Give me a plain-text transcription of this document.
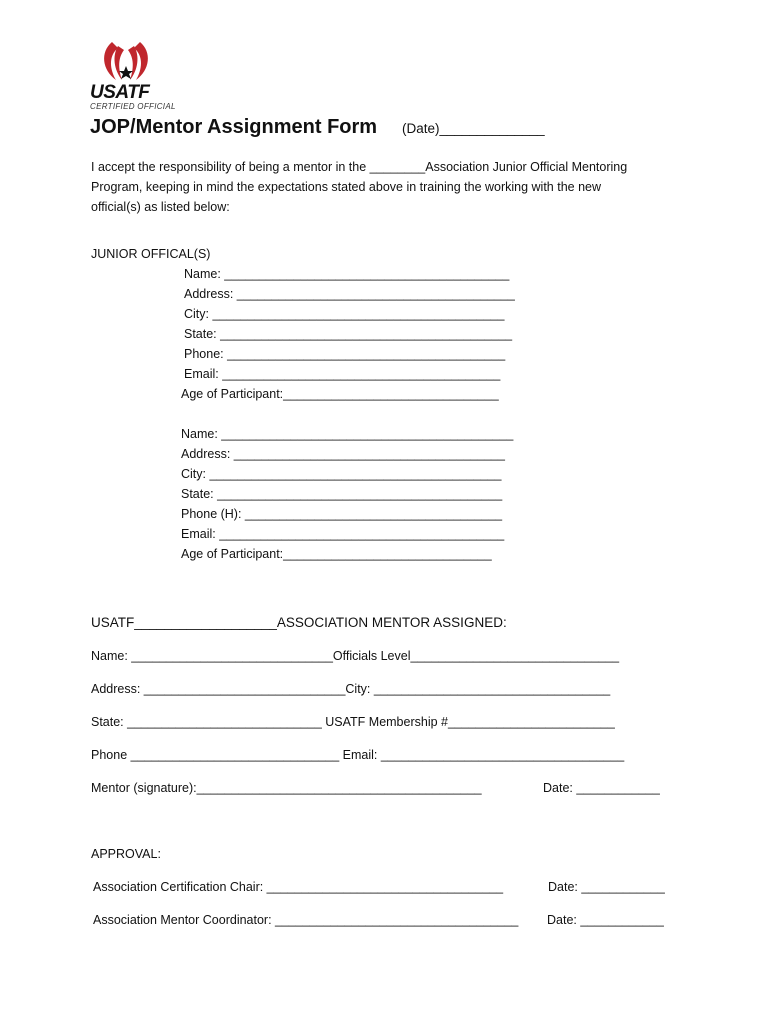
USATF
CERTIFIED OFFICIAL
JOP/Mentor Assignment Form (Date)______________
I accept the responsibility of being a mentor in the ________Association Junior Official Mentoring
Program, keeping in mind the expectations stated above in training the working with the new
official(s) as listed below:
JUNIOR OFFICAL(S)
Name: _________________________________________
Address: ________________________________________
City: __________________________________________
State: __________________________________________
Phone: ________________________________________
Email: ________________________________________
Age of Participant:_______________________________
Name: __________________________________________
Address: _______________________________________
City: __________________________________________
State: _________________________________________
Phone (H): _____________________________________
Email: _________________________________________
Age of Participant:______________________________
USATF___________________ASSOCIATION MENTOR ASSIGNED:
Name: _____________________________Officials Level______________________________
Address: _____________________________City: __________________________________
State: ____________________________ USATF Membership #________________________
Phone ______________________________ Email: ___________________________________
Mentor (signature):_________________________________________	Date: ____________
APPROVAL:
Association Certification Chair: __________________________________	Date: ____________
Association Mentor Coordinator: ___________________________________ Date: ____________
